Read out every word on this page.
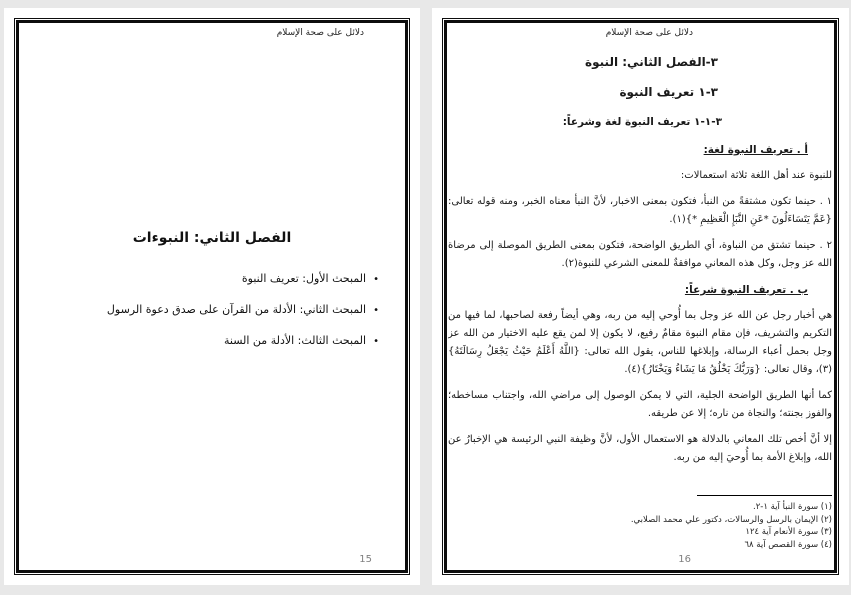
دلائل على صحة الإسلام
الفصل الثاني: النبوءات
• المبحث الأول: تعريف النبوة
• المبحث الثاني: الأدلة من القرآن على صدق دعوة الرسول
• المبحث الثالث: الأدلة من السنة
15
دلائل على صحة الإسلام
٣-الفصل الثاني: النبوة
٣-١ تعريف النبوة
٣-١-١ تعريف النبوة لغة وشرعاً:
أ . تعريف النبوة لغة:

للنبوة عند أهل اللغة ثلاثة استعمالات:

١ . حينما تكون مشتقةً من النبأ، فتكون بمعنى الاخبار، لأنَّ النبأ معناه الخبر، ومنه قوله تعالى: {عَمَّ يَتَسَاءَلُونَ *عَنِ النَّبَإِ الْعَظِيمِ *}(١).

٢ . حينما تشتق من النباوة، أي الطريق الواضحة، فتكون بمعنى الطريق الموصلة إلى مرضاة الله عز وجل، وكل هذه المعاني موافقةٌ للمعنى الشرعي للنبوة(٢).

ب . تعريف النبوة شرعاً:

هي أخبار رجل عن الله عز وجل بما أُوحي إليه من ربه، وهي أيضاً رفعة لصاحبها، لما فيها من التكريم والتشريف، فإن مقام النبوة مقامٌ رفيع، لا يكون إلا لمن يقع عليه الاختيار من الله عز وجل بحمل أعباء الرسالة، وإبلاغها للناس، يقول الله تعالى: {اللَّهُ أَعْلَمُ حَيْثُ يَجْعَلُ رِسَالَتَهُ}(٣)، وقال تعالى: {وَرَبُّكَ يَخْلُقُ مَا يَشَاءُ وَيَخْتَارُ}(٤).

كما أنها الطريق الواضحة الجلية، التي لا يمكن الوصول إلى مراضي الله، واجتناب مساخطه؛ والفوز بجنته؛ والنجاة من ناره؛ إلا عن طريقه.

إلا أنَّ أخص تلك المعاني بالدلالة هو الاستعمال الأول، لأنَّ وظيفة النبي الرئيسة هي الإخبارُ عن الله، وإبلاغ الأمة بما أُوحيَ إليه من ربه.

(١) سورة النبأ آية ١-٢.
(٢) الإيمان بالرسل والرسالات، دكتور علي محمد الصلابي.
(٣) سورة الأنعام آية ١٢٤
(٤) سورة القصص آية ٦٨
16
